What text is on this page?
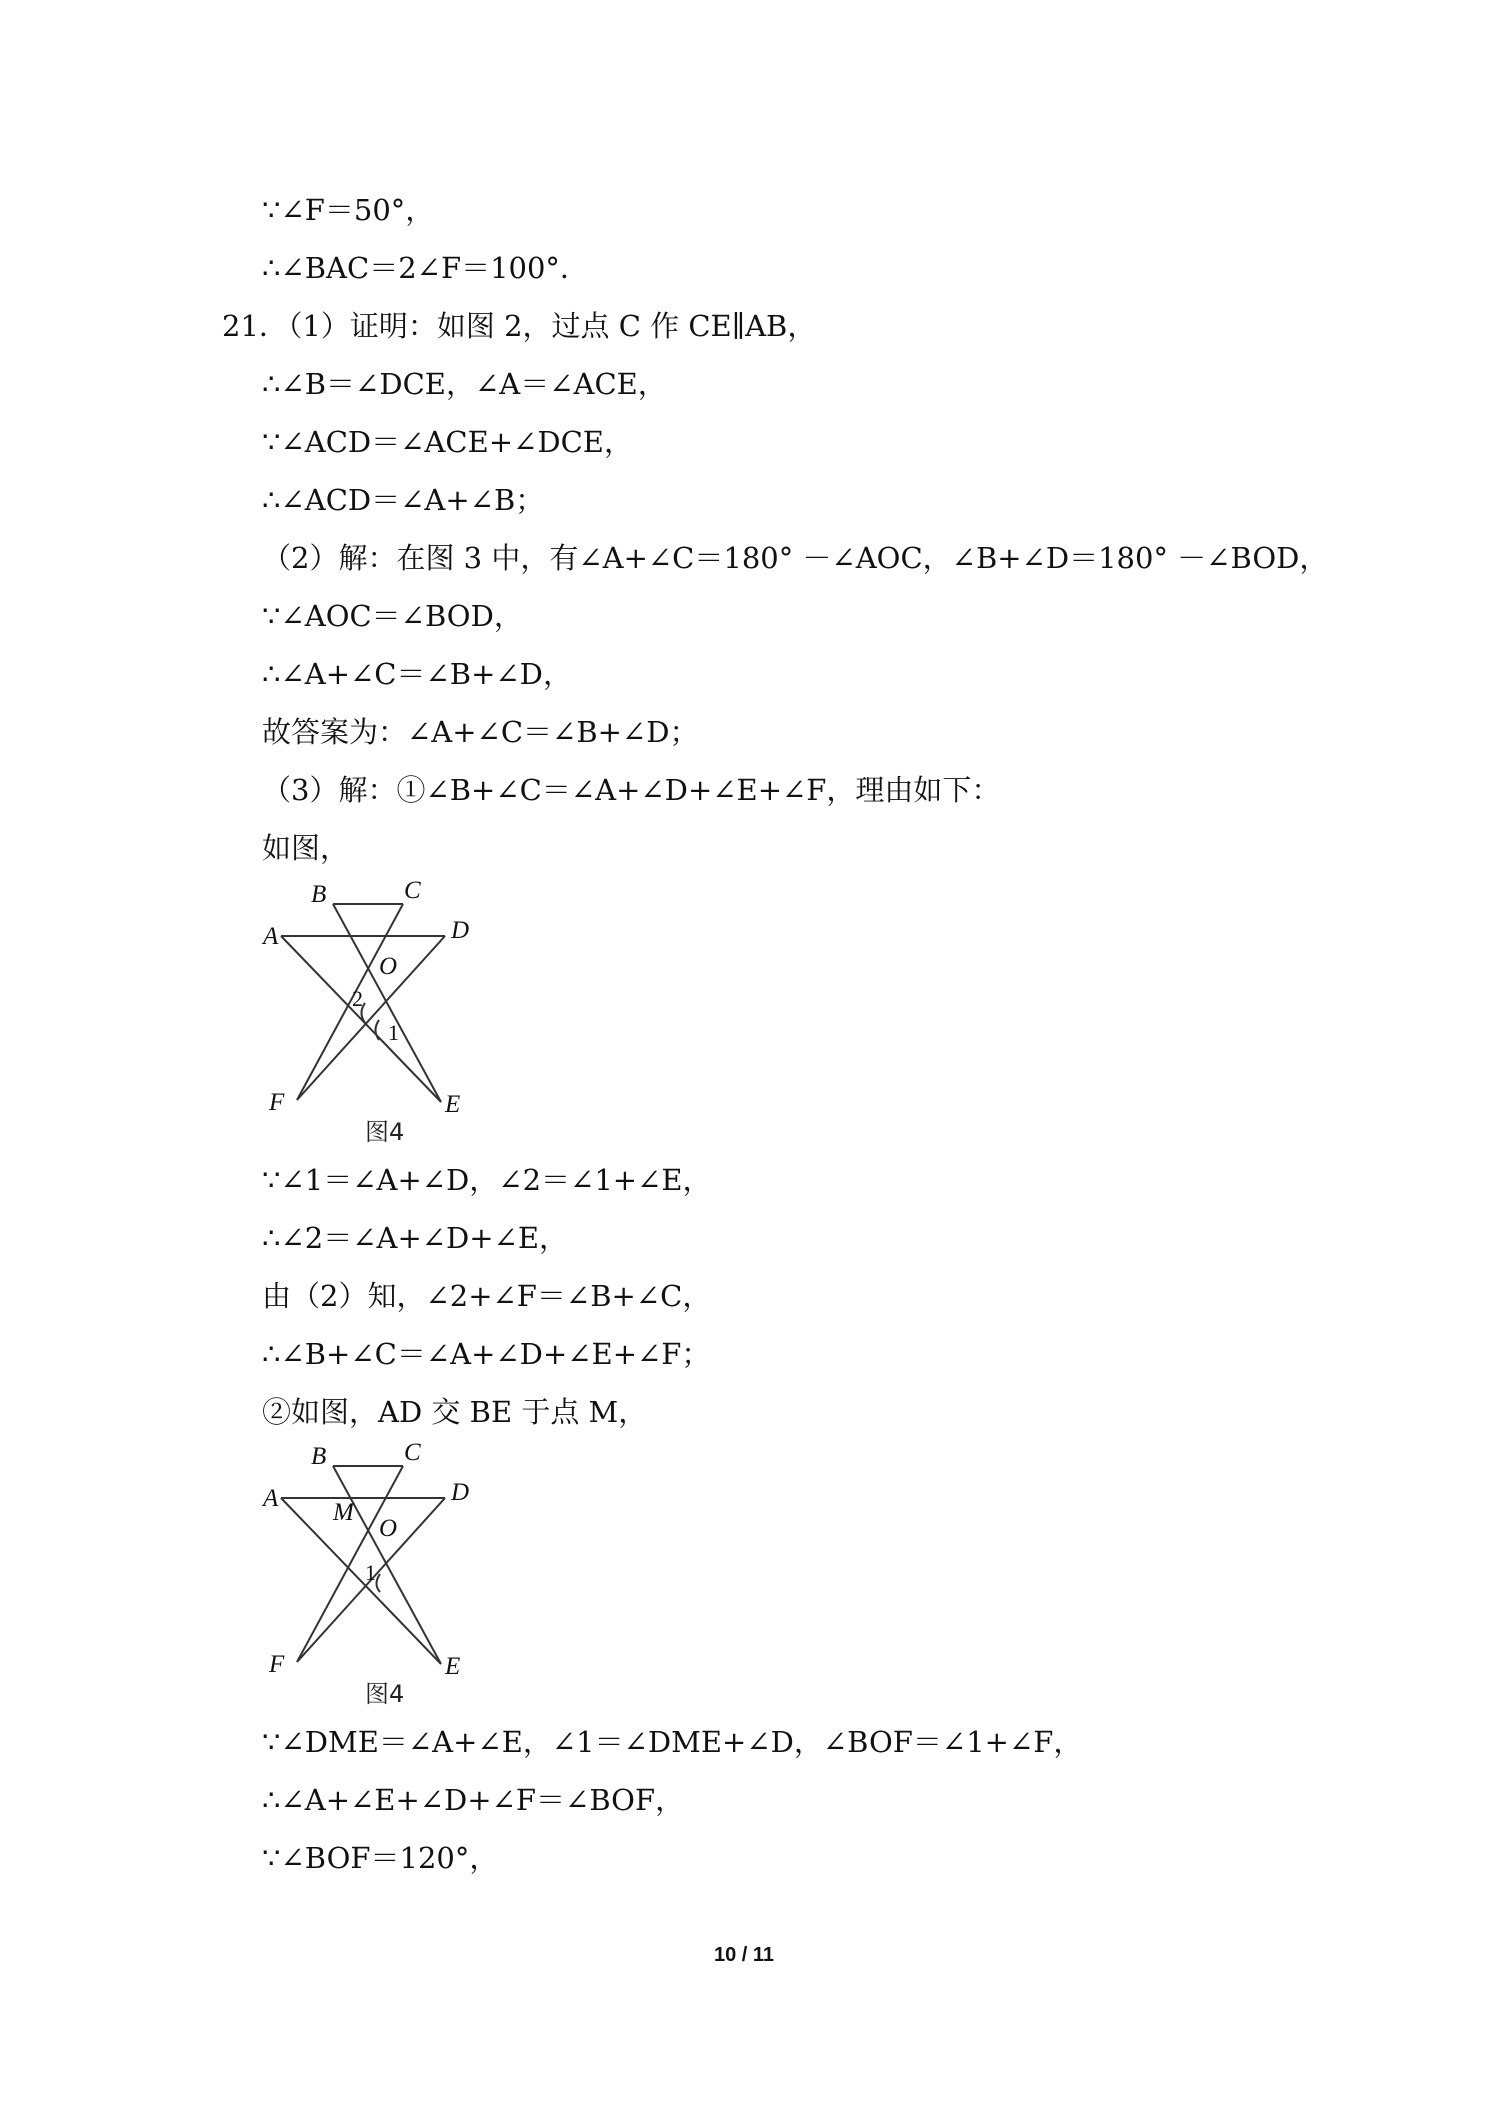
∵∠F＝50°，
∴∠BAC＝2∠F＝100°．
21．（1）证明：如图 2，过点 C 作 CE∥AB，
∴∠B＝∠DCE，∠A＝∠ACE，
∵∠ACD＝∠ACE+∠DCE，
∴∠ACD＝∠A+∠B；
（2）解：在图 3 中，有∠A+∠C＝180° －∠AOC，∠B+∠D＝180° －∠BOD，
∵∠AOC＝∠BOD，
∴∠A+∠C＝∠B+∠D，
故答案为：∠A+∠C＝∠B+∠D；
（3）解：①∠B+∠C＝∠A+∠D+∠E+∠F，理由如下：
如图，
B	C
A	D
O
2
1
F	E
图4
∵∠1＝∠A+∠D，∠2＝∠1+∠E，
∴∠2＝∠A+∠D+∠E，
由（2）知，∠2+∠F＝∠B+∠C，
∴∠B+∠C＝∠A+∠D+∠E+∠F；
②如图，AD 交 BE 于点 M，
B	C
A	D
M
O
1
F	E
图4
∵∠DME＝∠A+∠E，∠1＝∠DME+∠D，∠BOF＝∠1+∠F，
∴∠A+∠E+∠D+∠F＝∠BOF，
∵∠BOF＝120°，
10 / 11
